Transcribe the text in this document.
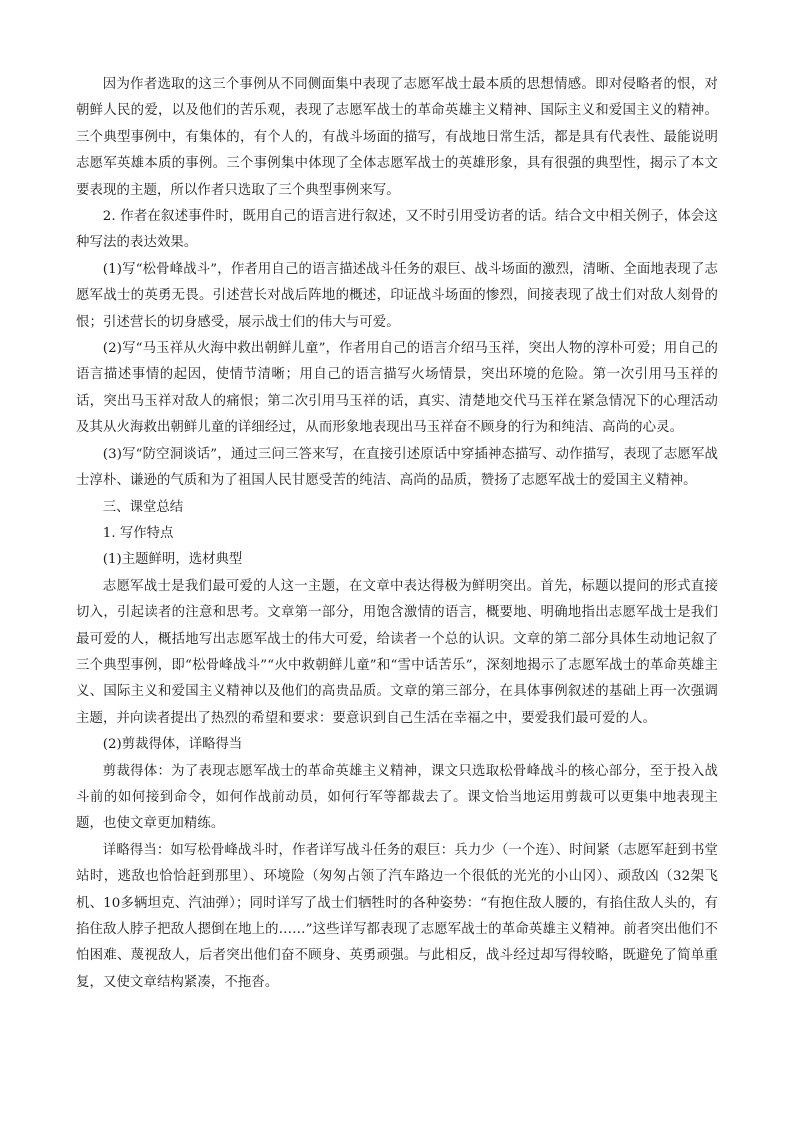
因为作者选取的这三个事例从不同侧面集中表现了志愿军战士最本质的思想情感。即对侵略者的恨，对朝鲜人民的爱，以及他们的苦乐观，表现了志愿军战士的革命英雄主义精神、国际主义和爱国主义的精神。三个典型事例中，有集体的，有个人的，有战斗场面的描写，有战地日常生活，都是具有代表性、最能说明志愿军英雄本质的事例。三个事例集中体现了全体志愿军战士的英雄形象，具有很强的典型性，揭示了本文要表现的主题，所以作者只选取了三个典型事例来写。

2. 作者在叙述事件时，既用自己的语言进行叙述，又不时引用受访者的话。结合文中相关例子，体会这种写法的表达效果。

(1)写“松骨峰战斗”，作者用自己的语言描述战斗任务的艰巨、战斗场面的激烈，清晰、全面地表现了志愿军战士的英勇无畏。引述营长对战后阵地的概述，印证战斗场面的惨烈，间接表现了战士们对敌人刻骨的恨；引述营长的切身感受，展示战士们的伟大与可爱。

(2)写“马玉祥从火海中救出朝鲜儿童”，作者用自己的语言介绍马玉祥，突出人物的淳朴可爱；用自己的语言描述事情的起因，使情节清晰；用自己的语言描写火场情景，突出环境的危险。第一次引用马玉祥的话，突出马玉祥对敌人的痛恨；第二次引用马玉祥的话，真实、清楚地交代马玉祥在紧急情况下的心理活动及其从火海救出朝鲜儿童的详细经过，从而形象地表现出马玉祥奋不顾身的行为和纯洁、高尚的心灵。

(3)写“防空洞谈话”，通过三问三答来写，在直接引述原话中穿插神态描写、动作描写，表现了志愿军战士淳朴、谦逊的气质和为了祖国人民甘愿受苦的纯洁、高尚的品质，赞扬了志愿军战士的爱国主义精神。

三、课堂总结

1. 写作特点

(1)主题鲜明，选材典型

志愿军战士是我们最可爱的人这一主题，在文章中表达得极为鲜明突出。首先，标题以提问的形式直接切入，引起读者的注意和思考。文章第一部分，用饱含激情的语言，概要地、明确地指出志愿军战士是我们最可爱的人，概括地写出志愿军战士的伟大可爱，给读者一个总的认识。文章的第二部分具体生动地记叙了三个典型事例，即“松骨峰战斗”“火中救朝鲜儿童”和“雪中话苦乐”，深刻地揭示了志愿军战士的革命英雄主义、国际主义和爱国主义精神以及他们的高贵品质。文章的第三部分，在具体事例叙述的基础上再一次强调主题，并向读者提出了热烈的希望和要求：要意识到自己生活在幸福之中，要爱我们最可爱的人。

(2)剪裁得体，详略得当

剪裁得体：为了表现志愿军战士的革命英雄主义精神，课文只选取松骨峰战斗的核心部分，至于投入战斗前的如何接到命令，如何作战前动员，如何行军等都裁去了。课文恰当地运用剪裁可以更集中地表现主题，也使文章更加精练。

详略得当：如写松骨峰战斗时，作者详写战斗任务的艰巨：兵力少（一个连）、时间紧（志愿军赶到书堂站时，逃敌也恰恰赶到那里）、环境险（匆匆占领了汽车路边一个很低的光光的小山冈）、顽敌凶（32架飞机、10多辆坦克、汽油弹）；同时详写了战士们牺牲时的各种姿势：“有抱住敌人腰的，有掐住敌人头的，有掐住敌人脖子把敌人摁倒在地上的……”这些详写都表现了志愿军战士的革命英雄主义精神。前者突出他们不怕困难、蔑视敌人，后者突出他们奋不顾身、英勇顽强。与此相反，战斗经过却写得较略，既避免了简单重复，又使文章结构紧凑，不拖沓。
